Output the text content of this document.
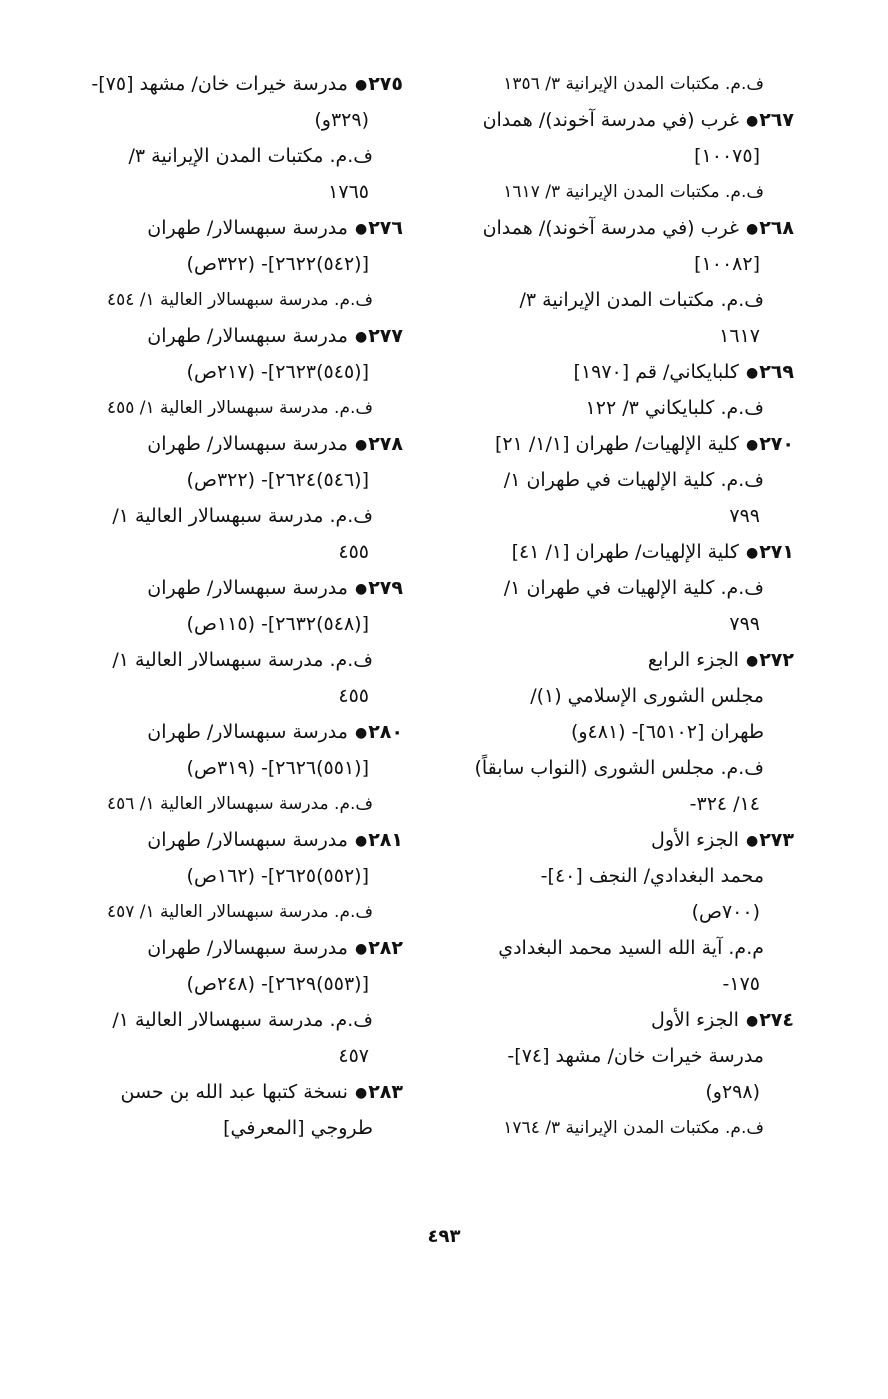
ف.م. مكتبات المدن الإيرانية ٣/ ١٣٥٦
٢٦٧● غرب (في مدرسة آخوند)/ همدان
[١٠٠٧٥]
ف.م. مكتبات المدن الإيرانية ٣/ ١٦١٧
٢٦٨● غرب (في مدرسة آخوند)/ همدان
[١٠٠٨٢]
ف.م. مكتبات المدن الإيرانية ٣/
١٦١٧
٢٦٩● كلبايكاني/ قم [١٩٧٠]
ف.م. كلبايكاني ٣/ ١٢٢
٢٧٠● كلية الإلهيات/ طهران [١/١/ ٢١]
ف.م. كلية الإلهيات في طهران ١/
٧٩٩
٢٧١● كلية الإلهيات/ طهران [١/ ٤١]
ف.م. كلية الإلهيات في طهران ١/
٧٩٩
٢٧٢● الجزء الرابع
مجلس الشورى الإسلامي (١)/
طهران [٦٥١٠٢]- (٤٨١و)
ف.م. مجلس الشورى (النواب سابقاً)
١٤/ ٣٢٤-
٢٧٣● الجزء الأول
محمد البغدادي/ النجف [٤٠]-
(٧٠٠ص)
م.م. آية الله السيد محمد البغدادي
١٧٥-
٢٧٤● الجزء الأول
مدرسة خيرات خان/ مشهد [٧٤]-
(٢٩٨و)
ف.م. مكتبات المدن الإيرانية ٣/ ١٧٦٤
٢٧٥● مدرسة خيرات خان/ مشهد [٧٥]-
(٣٢٩و)
ف.م. مكتبات المدن الإيرانية ٣/
١٧٦٥
٢٧٦● مدرسة سبهسالار/ طهران
[(٥٤٢)٢٦٢٢]- (٣٢٢ص)
ف.م. مدرسة سبهسالار العالية ١/ ٤٥٤
٢٧٧● مدرسة سبهسالار/ طهران
[(٥٤٥)٢٦٢٣]- (٢١٧ص)
ف.م. مدرسة سبهسالار العالية ١/ ٤٥٥
٢٧٨● مدرسة سبهسالار/ طهران
[(٥٤٦)٢٦٢٤]- (٣٢٢ص)
ف.م. مدرسة سبهسالار العالية ١/
٤٥٥
٢٧٩● مدرسة سبهسالار/ طهران
[(٥٤٨)٢٦٣٢]- (١١٥ص)
ف.م. مدرسة سبهسالار العالية ١/
٤٥٥
٢٨٠● مدرسة سبهسالار/ طهران
[(٥٥١)٢٦٢٦]- (٣١٩ص)
ف.م. مدرسة سبهسالار العالية ١/ ٤٥٦
٢٨١● مدرسة سبهسالار/ طهران
[(٥٥٢)٢٦٢٥]- (١٦٢ص)
ف.م. مدرسة سبهسالار العالية ١/ ٤٥٧
٢٨٢● مدرسة سبهسالار/ طهران
[(٥٥٣)٢٦٢٩]- (٢٤٨ص)
ف.م. مدرسة سبهسالار العالية ١/
٤٥٧
٢٨٣● نسخة كتبها عبد الله بن حسن
طروجي [المعرفي]
٤٩٣
